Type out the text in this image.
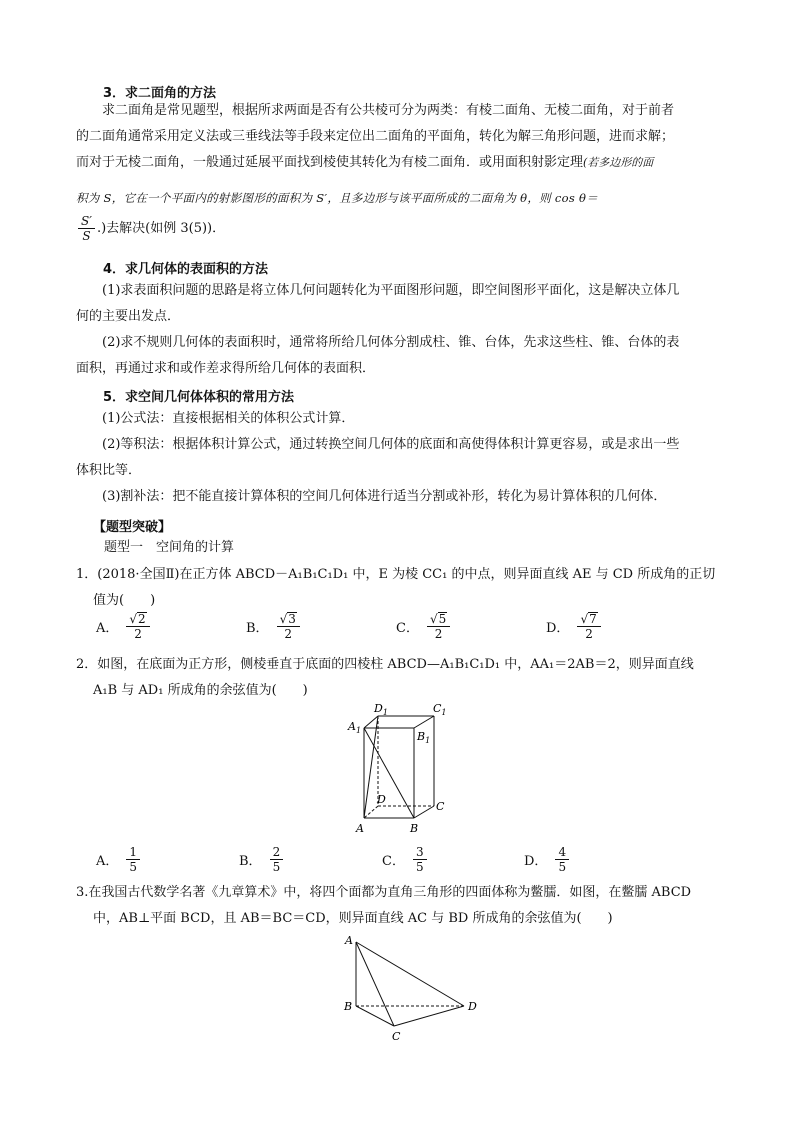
3．求二面角的方法
求二面角是常见题型，根据所求两面是否有公共棱可分为两类：有棱二面角、无棱二面角，对于前者
的二面角通常采用定义法或三垂线法等手段来定位出二面角的平面角，转化为解三角形问题，进而求解；
而对于无棱二面角，一般通过延展平面找到棱使其转化为有棱二面角．或用面积射影定理(若多边形的面
积为 S，它在一个平面内的射影图形的面积为 S′，且多边形与该平面所成的二面角为 θ，则 cos θ＝
$\frac{S'}{S}$ .)去解决(如例 3(5))．
4．求几何体的表面积的方法
(1)求表面积问题的思路是将立体几何问题转化为平面图形问题，即空间图形平面化，这是解决立体几
何的主要出发点．
(2)求不规则几何体的表面积时，通常将所给几何体分割成柱、锥、台体，先求这些柱、锥、台体的表
面积，再通过求和或作差求得所给几何体的表面积．
5．求空间几何体体积的常用方法
(1)公式法：直接根据相关的体积公式计算．
(2)等积法：根据体积计算公式，通过转换空间几何体的底面和高使得体积计算更容易，或是求出一些
体积比等．
(3)割补法：把不能直接计算体积的空间几何体进行适当分割或补形，转化为易计算体积的几何体．
【题型突破】
题型一　空间角的计算
1．(2018·全国Ⅱ)在正方体 ABCD－A₁B₁C₁D₁ 中，E 为棱 CC₁ 的中点，则异面直线 AE 与 CD 所成角的正切
值为(　　)
A． $\frac{√ 2}{2}$	B． $\frac{√ 3}{2}$	C． $\frac{√ 5}{2}$	D． $\frac{√ 7}{2}$
2．如图，在底面为正方形，侧棱垂直于底面的四棱柱 ABCD—A₁B₁C₁D₁ 中，AA₁＝2AB＝2，则异面直线
A₁B 与 AD₁ 所成角的余弦值为(　　)
$D_1$	$C_1$
$A_1$	$B_1$
D
C
A	B
A． $\frac{1}{5}$	B． $\frac{2}{5}$	C． $\frac{3}{5}$	D． $\frac{4}{5}$
3.在我国古代数学名著《九章算术》中，将四个面都为直角三角形的四面体称为鳖臑．如图，在鳖臑 ABCD
中，AB⊥平面 BCD，且 AB＝BC＝CD，则异面直线 AC 与 BD 所成角的余弦值为(　　)
A
B
C
D
